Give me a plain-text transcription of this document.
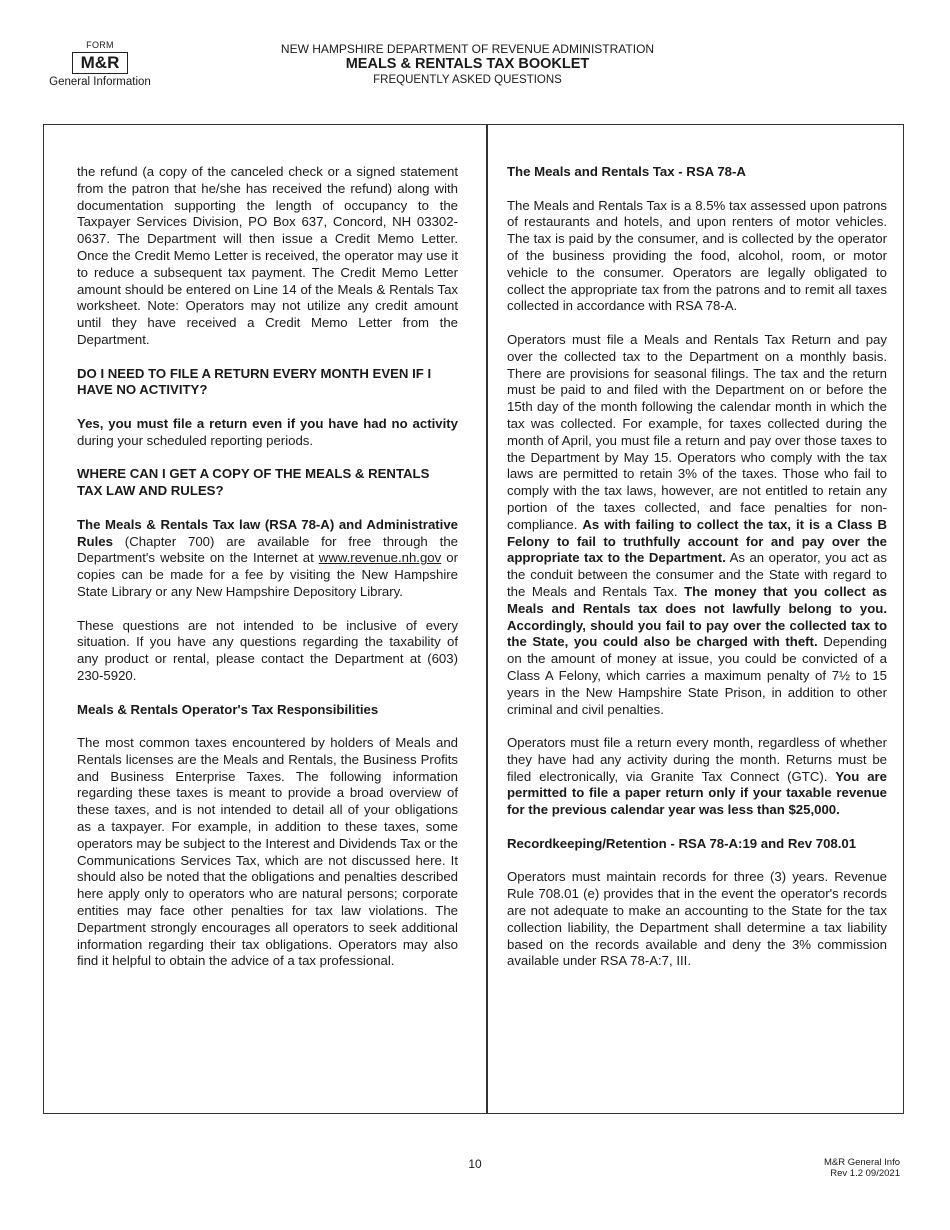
FORM
M&R
General Information
NEW HAMPSHIRE DEPARTMENT OF REVENUE ADMINISTRATION
MEALS & RENTALS TAX BOOKLET
FREQUENTLY ASKED QUESTIONS

the refund (a copy of the canceled check or a signed statement from the patron that he/she has received the refund) along with documentation supporting the length of occupancy to the Taxpayer Services Division, PO Box 637, Concord, NH 03302-0637. The Department will then issue a Credit Memo Letter. Once the Credit Memo Letter is received, the operator may use it to reduce a subsequent tax payment. The Credit Memo Letter amount should be entered on Line 14 of the Meals & Rentals Tax worksheet. Note: Operators may not utilize any credit amount until they have received a Credit Memo Letter from the Department.

DO I NEED TO FILE A RETURN EVERY MONTH EVEN IF I HAVE NO ACTIVITY?

Yes, you must file a return even if you have had no activity during your scheduled reporting periods.

WHERE CAN I GET A COPY OF THE MEALS & RENTALS TAX LAW AND RULES?

The Meals & Rentals Tax law (RSA 78-A) and Administrative Rules (Chapter 700) are available for free through the Department's website on the Internet at www.revenue.nh.gov or copies can be made for a fee by visiting the New Hampshire State Library or any New Hampshire Depository Library.

These questions are not intended to be inclusive of every situation. If you have any questions regarding the taxability of any product or rental, please contact the Department at (603) 230-5920.

Meals & Rentals Operator's Tax Responsibilities

The most common taxes encountered by holders of Meals and Rentals licenses are the Meals and Rentals, the Business Profits and Business Enterprise Taxes. The following information regarding these taxes is meant to provide a broad overview of these taxes, and is not intended to detail all of your obligations as a taxpayer. For example, in addition to these taxes, some operators may be subject to the Interest and Dividends Tax or the Communications Services Tax, which are not discussed here. It should also be noted that the obligations and penalties described here apply only to operators who are natural persons; corporate entities may face other penalties for tax law violations. The Department strongly encourages all operators to seek additional information regarding their tax obligations. Operators may also find it helpful to obtain the advice of a tax professional.

The Meals and Rentals Tax - RSA 78-A

The Meals and Rentals Tax is a 8.5% tax assessed upon patrons of restaurants and hotels, and upon renters of motor vehicles. The tax is paid by the consumer, and is collected by the operator of the business providing the food, alcohol, room, or motor vehicle to the consumer. Operators are legally obligated to collect the appropriate tax from the patrons and to remit all taxes collected in accordance with RSA 78-A.

Operators must file a Meals and Rentals Tax Return and pay over the collected tax to the Department on a monthly basis. There are provisions for seasonal filings. The tax and the return must be paid to and filed with the Department on or before the 15th day of the month following the calendar month in which the tax was collected. For example, for taxes collected during the month of April, you must file a return and pay over those taxes to the Department by May 15. Operators who comply with the tax laws are permitted to retain 3% of the taxes. Those who fail to comply with the tax laws, however, are not entitled to retain any portion of the taxes collected, and face penalties for non-compliance. As with failing to collect the tax, it is a Class B Felony to fail to truthfully account for and pay over the appropriate tax to the Department. As an operator, you act as the conduit between the consumer and the State with regard to the Meals and Rentals Tax. The money that you collect as Meals and Rentals tax does not lawfully belong to you. Accordingly, should you fail to pay over the collected tax to the State, you could also be charged with theft. Depending on the amount of money at issue, you could be convicted of a Class A Felony, which carries a maximum penalty of 7½ to 15 years in the New Hampshire State Prison, in addition to other criminal and civil penalties.

Operators must file a return every month, regardless of whether they have had any activity during the month. Returns must be filed electronically, via Granite Tax Connect (GTC). You are permitted to file a paper return only if your taxable revenue for the previous calendar year was less than $25,000.

Recordkeeping/Retention - RSA 78-A:19 and Rev 708.01

Operators must maintain records for three (3) years. Revenue Rule 708.01 (e) provides that in the event the operator's records are not adequate to make an accounting to the State for the tax collection liability, the Department shall determine a tax liability based on the records available and deny the 3% commission available under RSA 78-A:7, III.

10	M&R General Info
Rev 1.2 09/2021
